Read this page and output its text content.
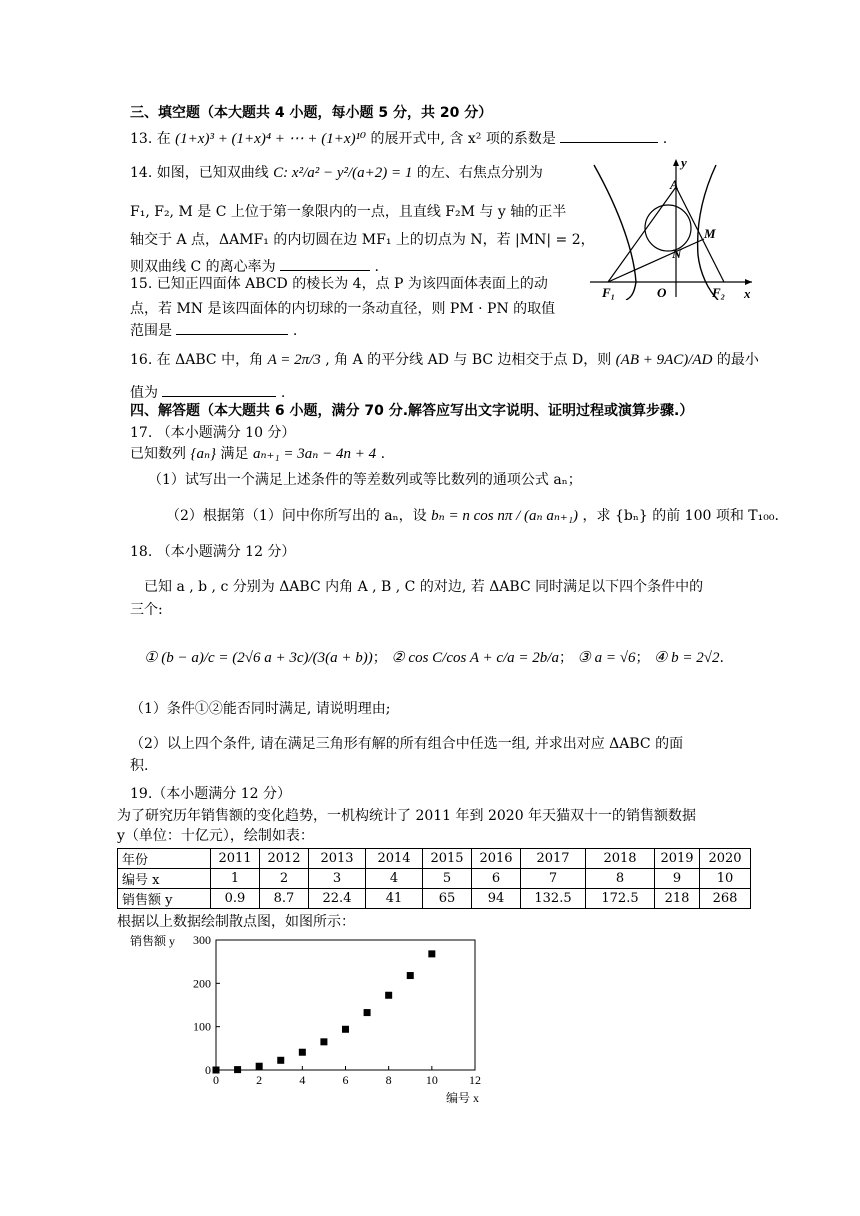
三、填空题（本大题共 4 小题，每小题 5 分，共 20 分）
13. 在 (1+x)³ + (1+x)⁴ + ⋯ + (1+x)¹⁰ 的展开式中, 含 x² 项的系数是	.
14. 如图，已知双曲线 C: x²/a² − y²/(a+2) = 1 的左、右焦点分别为
F₁, F₂, M 是 C 上位于第一象限内的一点，且直线 F₂M 与 y 轴的正半
轴交于 A 点，ΔAMF₁ 的内切圆在边 MF₁ 上的切点为 N，若 |MN| = 2，
则双曲线 C 的离心率为	.
y
A
M
N
O
F₁	F₂ x
15. 已知正四面体 ABCD 的棱长为 4，点 P 为该四面体表面上的动
点，若 MN 是该四面体的内切球的一条动直径，则 PM · PN 的取值
范围是	.
16. 在 ΔABC 中，角 A = 2π/3 , 角 A 的平分线 AD 与 BC 边相交于点 D，则 (AB + 9AC)/AD 的最小
值为	.
四、解答题（本大题共 6 小题，满分 70 分.解答应写出文字说明、证明过程或演算步骤.）
17. （本小题满分 10 分）
已知数列 {aₙ} 满足 aₙ₊₁ = 3aₙ − 4n + 4 .
（1）试写出一个满足上述条件的等差数列或等比数列的通项公式 aₙ；
（2）根据第（1）问中你所写出的 aₙ，设 bₙ = n cos nπ / (aₙ aₙ₊₁) ，求 {bₙ} 的前 100 项和 T₁₀₀.
18. （本小题满分 12 分）
已知 a , b , c 分别为 ΔABC 内角 A , B , C 的对边, 若 ΔABC 同时满足以下四个条件中的
三个:
① (b − a)/c = (2√6 a + 3c)/(3(a + b))； ② cos C/cos A + c/a = 2b/a； ③ a = √6； ④ b = 2√2.
（1）条件①②能否同时满足, 请说明理由;
（2）以上四个条件, 请在满足三角形有解的所有组合中任选一组, 并求出对应 ΔABC 的面
积.
19.（本小题满分 12 分）
为了研究历年销售额的变化趋势，一机构统计了 2011 年到 2020 年天猫双十一的销售额数据
y（单位：十亿元），绘制如表：
年份	2011	2012	2013	2014	2015	2016	2017	2018	2019	2020
编号 x	1	2	3	4	5	6	7	8	9	10
销售额 y	0.9	8.7	22.4	41	65	94	132.5	172.5	218	268
根据以上数据绘制散点图，如图所示：
0	2	4	6	8	10	12
0
100
200
300
销售额 y
编号 x
